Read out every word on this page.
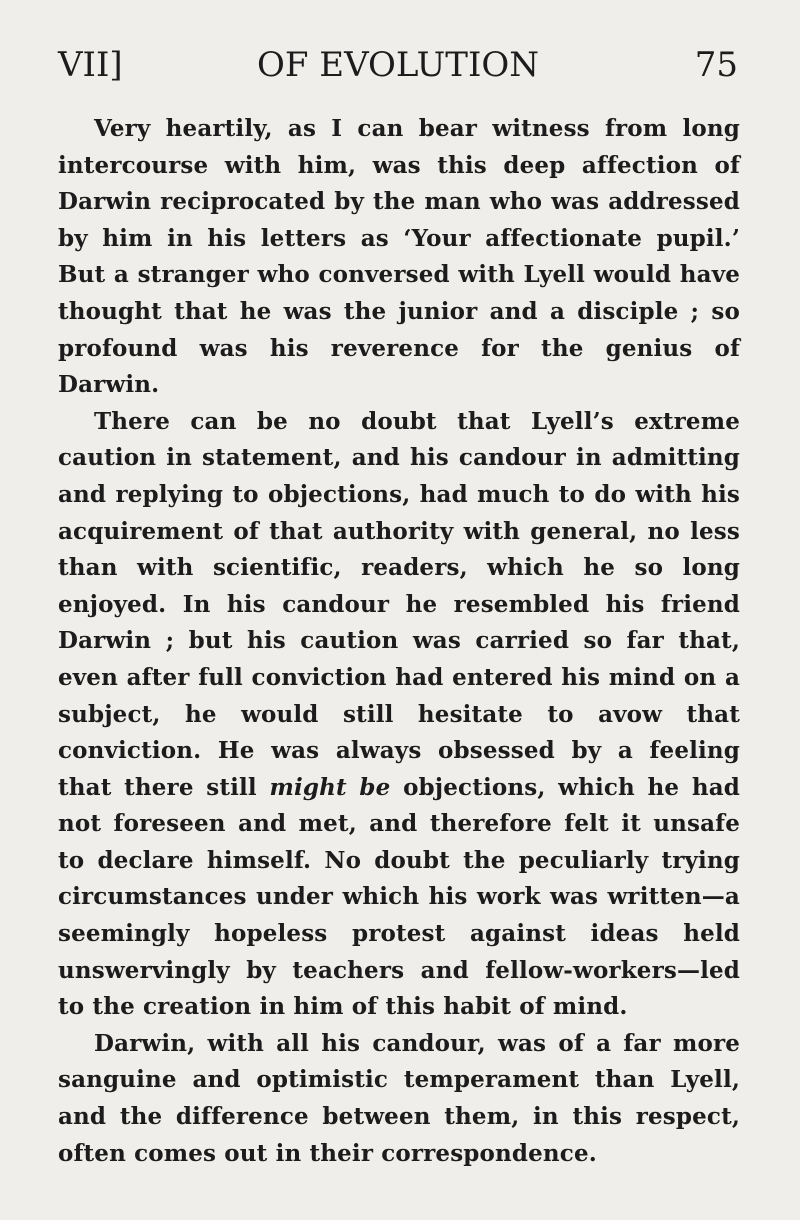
VII]	OF EVOLUTION	75

Very heartily, as I can bear witness from long intercourse with him, was this deep affection of Darwin reciprocated by the man who was addressed by him in his letters as ‘Your affectionate pupil.’ But a stranger who conversed with Lyell would have thought that he was the junior and a disciple ; so profound was his reverence for the genius of Darwin.

There can be no doubt that Lyell’s extreme caution in statement, and his candour in admitting and replying to objections, had much to do with his acquirement of that authority with general, no less than with scientific, readers, which he so long enjoyed. In his candour he resembled his friend Darwin ; but his caution was carried so far that, even after full conviction had entered his mind on a subject, he would still hesitate to avow that conviction. He was always obsessed by a feeling that there still might be objections, which he had not foreseen and met, and therefore felt it unsafe to declare himself. No doubt the peculiarly trying circumstances under which his work was written—a seemingly hopeless protest against ideas held unswervingly by teachers and fellow-workers—led to the creation in him of this habit of mind.

Darwin, with all his candour, was of a far more sanguine and optimistic temperament than Lyell, and the difference between them, in this respect, often comes out in their correspondence.
